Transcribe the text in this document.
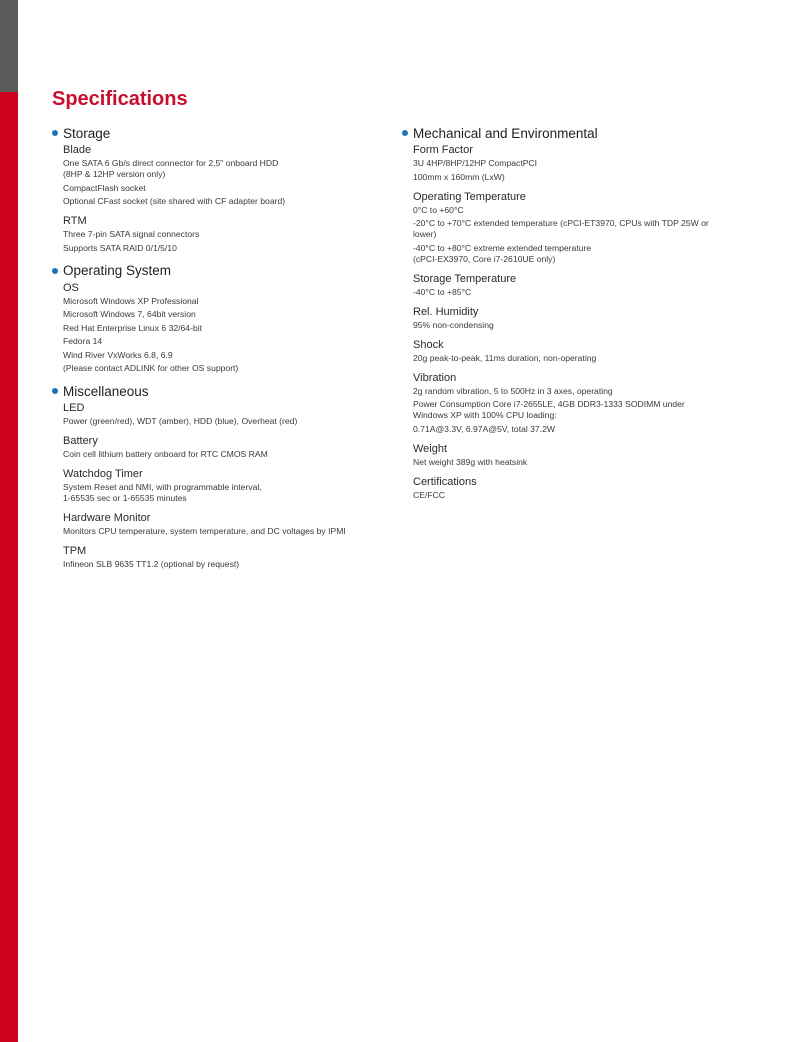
Specifications
Storage
Blade
One SATA 6 Gb/s direct connector for 2.5" onboard HDD
(8HP & 12HP version only)
CompactFlash socket
Optional CFast socket (site shared with CF adapter board)
RTM
Three 7-pin SATA signal connectors
Supports SATA RAID 0/1/5/10
Operating System
OS
Microsoft Windows XP Professional
Microsoft Windows 7, 64bit version
Red Hat Enterprise Linux 6 32/64-bit
Fedora 14
Wind River VxWorks 6.8, 6.9
(Please contact ADLINK for other OS support)
Miscellaneous
LED
Power (green/red), WDT (amber), HDD (blue), Overheat (red)
Battery
Coin cell lithium battery onboard for RTC CMOS RAM
Watchdog Timer
System Reset and NMI, with programmable interval,
1-65535 sec or 1-65535 minutes
Hardware Monitor
Monitors CPU temperature, system temperature, and DC voltages by IPMI
TPM
Infineon SLB 9635 TT1.2 (optional by request)
Mechanical and Environmental
Form Factor
3U 4HP/8HP/12HP CompactPCI
100mm x 160mm (LxW)
Operating Temperature
0°C to +60°C
-20°C to +70°C extended temperature (cPCI-ET3970, CPUs with TDP 25W or
lower)
-40°C to +80°C extreme extended temperature
(cPCI-EX3970, Core i7-2610UE only)
Storage Temperature
-40°C to +85°C
Rel. Humidity
95% non-condensing
Shock
20g peak-to-peak, 11ms duration, non-operating
Vibration
2g random vibration, 5 to 500Hz in 3 axes, operating
Power Consumption Core i7-2655LE, 4GB DDR3-1333 SODIMM under
Windows XP with 100% CPU loading:
0.71A@3.3V, 6.97A@5V, total 37.2W
Weight
Net weight 389g with heatsink
Certifications
CE/FCC
